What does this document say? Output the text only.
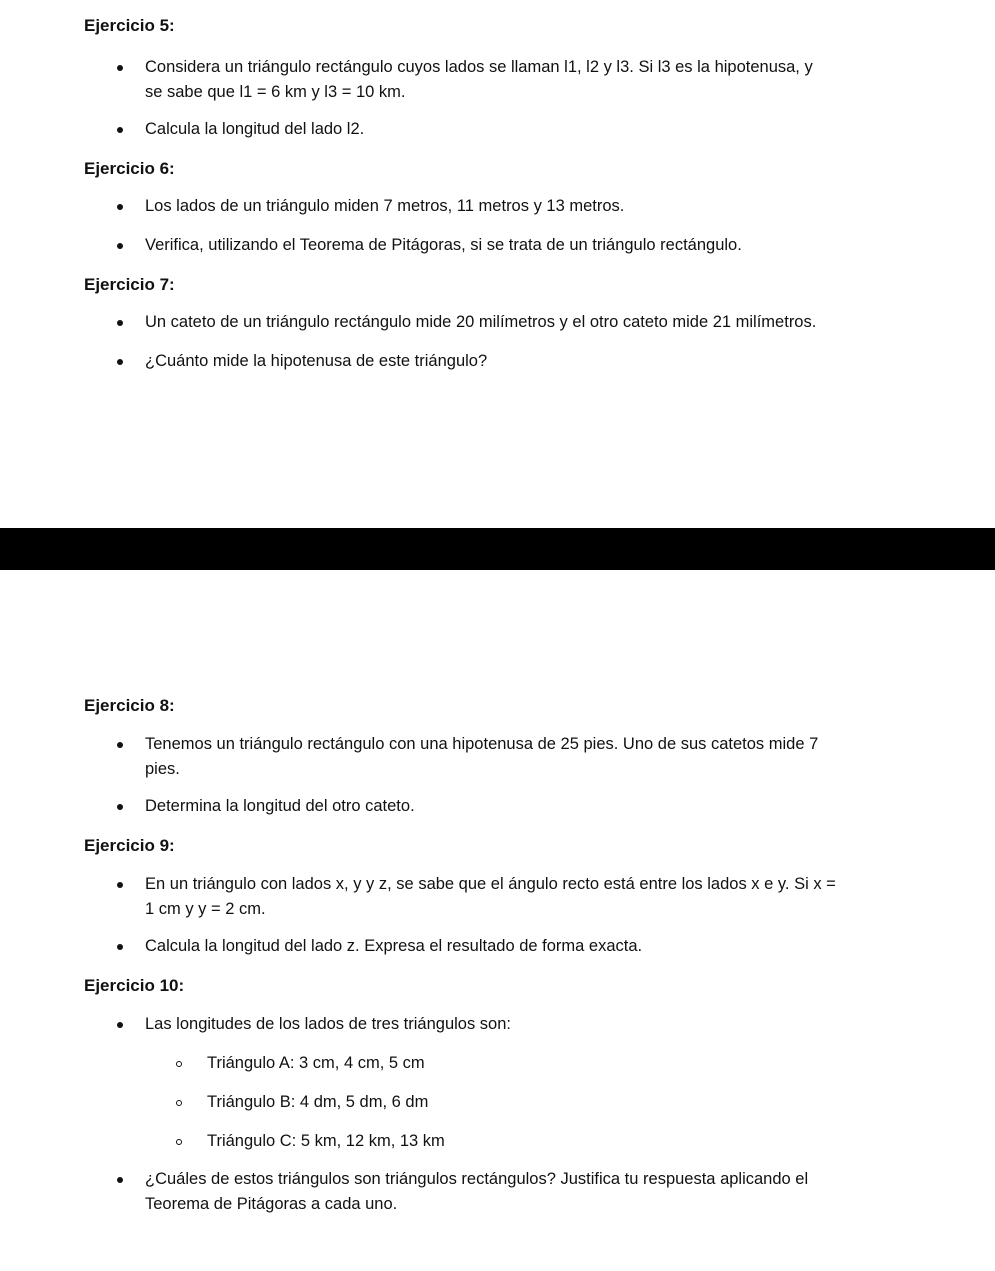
Ejercicio 5:

Considera un triángulo rectángulo cuyos lados se llaman l1, l2 y l3. Si l3 es la hipotenusa, y

se sabe que l1 = 6 km y l3 = 10 km.

Calcula la longitud del lado l2.

Ejercicio 6:

Los lados de un triángulo miden 7 metros, 11 metros y 13 metros.

Verifica, utilizando el Teorema de Pitágoras, si se trata de un triángulo rectángulo.

Ejercicio 7:

Un cateto de un triángulo rectángulo mide 20 milímetros y el otro cateto mide 21 milímetros.

¿Cuánto mide la hipotenusa de este triángulo?

Ejercicio 8:

Tenemos un triángulo rectángulo con una hipotenusa de 25 pies. Uno de sus catetos mide 7

pies.

Determina la longitud del otro cateto.

Ejercicio 9:

En un triángulo con lados x, y y z, se sabe que el ángulo recto está entre los lados x e y. Si x =

1 cm y y = 2 cm.

Calcula la longitud del lado z. Expresa el resultado de forma exacta.

Ejercicio 10:

Las longitudes de los lados de tres triángulos son:

Triángulo A: 3 cm, 4 cm, 5 cm

Triángulo B: 4 dm, 5 dm, 6 dm

Triángulo C: 5 km, 12 km, 13 km

¿Cuáles de estos triángulos son triángulos rectángulos? Justifica tu respuesta aplicando el

Teorema de Pitágoras a cada uno.
